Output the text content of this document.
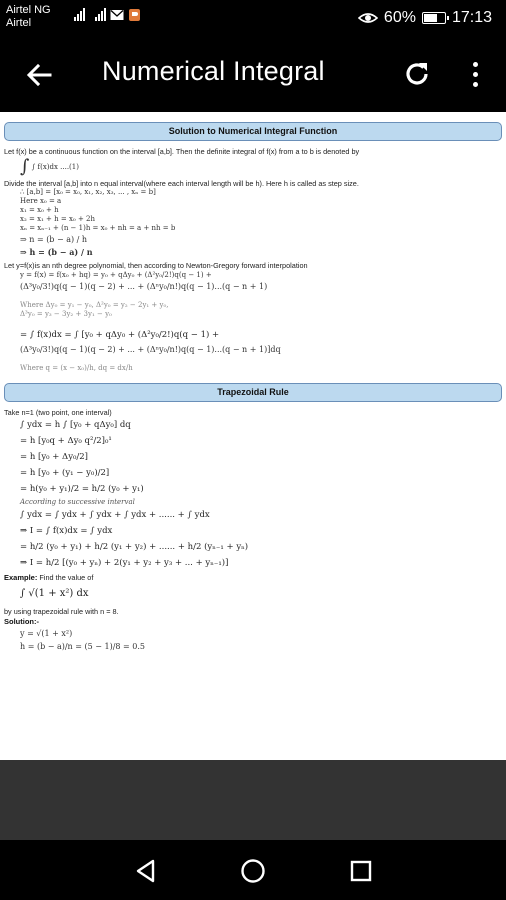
Airtel NG
Airtel	60% 17:13
Numerical Integral
Solution to Numerical Integral Function
Let f(x) be a continuous function on the interval [a,b]. Then the definite integral of f(x) from a to b is denoted by
∫ ∫ f(x)dx ....(1)
Divide the interval [a,b] into n equal interval(where each interval length will be h). Here h is called as step size.
∴ [a,b] = [x₀ = x₀, x₁, x₂, x₃, ... , xₙ = b]
Here x₀ = a
x₁ = x₀ + h
x₂ = x₁ + h = x₀ + 2h
xₙ = xₙ₋₁ + (n − 1)h = x₀ + nh = a + nh = b
⇒ n = (b − a) / h
⇒ h = (b − a) / n
Let y=f(x)is an nth degree polynomial, then according to Newton-Gregory forward interpolation
y = f(x) = f(x₀ + hq) = y₀ + qΔy₀ + (Δ²y₀/2!)q(q − 1) +
(Δ³y₀/3!)q(q − 1)(q − 2) + ... + (Δⁿy₀/n!)q(q − 1)...(q − n + 1)
Where Δy₀ = y₁ − y₀, Δ²y₀ = y₂ − 2y₁ + y₀,
Δ³y₀ = y₃ − 3y₂ + 3y₁ − y₀
= ∫ f(x)dx = ∫ [y₀ + qΔy₀ + (Δ²y₀/2!)q(q − 1) +
(Δ³y₀/3!)q(q − 1)(q − 2) + ... + (Δⁿy₀/n!)q(q − 1)...(q − n + 1)]dq
Where q = (x − x₀)/h, dq = dx/h
Trapezoidal Rule
Take n=1 (two point, one interval)
∫ ydx = h ∫ [y₀ + qΔy₀] dq
= h [y₀q + Δy₀ q²/2]₀¹
= h [y₀ + Δy₀/2]
= h [y₀ + (y₁ − y₀)/2]
= h(y₀ + y₁)/2 = h/2 (y₀ + y₁)
According to successive interval
∫ ydx = ∫ ydx + ∫ ydx + ∫ ydx + ...... + ∫ ydx
⇒ I = ∫ f(x)dx = ∫ ydx
= h/2 (y₀ + y₁) + h/2 (y₁ + y₂) + ...... + h/2 (yₙ₋₁ + yₙ)
⇒ I = h/2 [(y₀ + yₙ) + 2(y₁ + y₂ + y₃ + ... + yₙ₋₁)]
Example: Find the value of
∫ √(1 + x²) dx
by using trapezoidal rule with n = 8.
Solution:-
y = √(1 + x²)
h = (b − a)/n = (5 − 1)/8 = 0.5
